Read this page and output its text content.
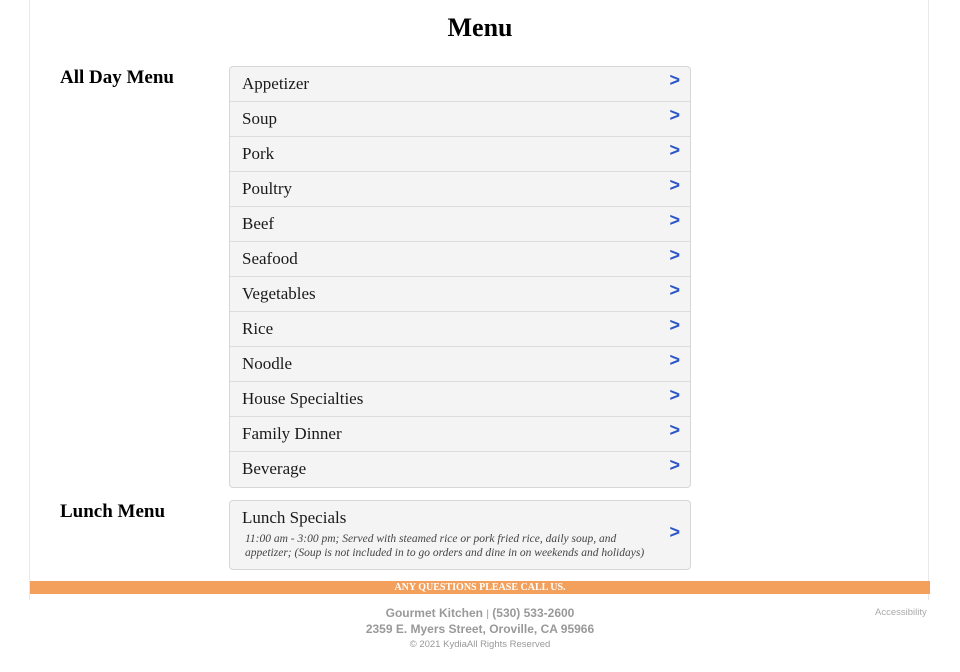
Menu
All Day Menu	Appetizer	>
Soup	>
Pork	>
Poultry	>
Beef	>
Seafood	>
Vegetables	>
Rice	>
Noodle	>
House Specialties	>
Family Dinner	>
Beverage	>
Lunch Menu	Lunch Specials
11:00 am - 3:00 pm; Served with steamed rice or pork fried rice, daily soup, and appetizer; (Soup is not included in to go orders and dine in on weekends and holidays)
>
ANY QUESTIONS PLEASE CALL US.
Gourmet Kitchen | (530) 533-2600
2359 E. Myers Street, Oroville, CA 95966
© 2021 KydiaAll Rights Reserved
Accessibility
